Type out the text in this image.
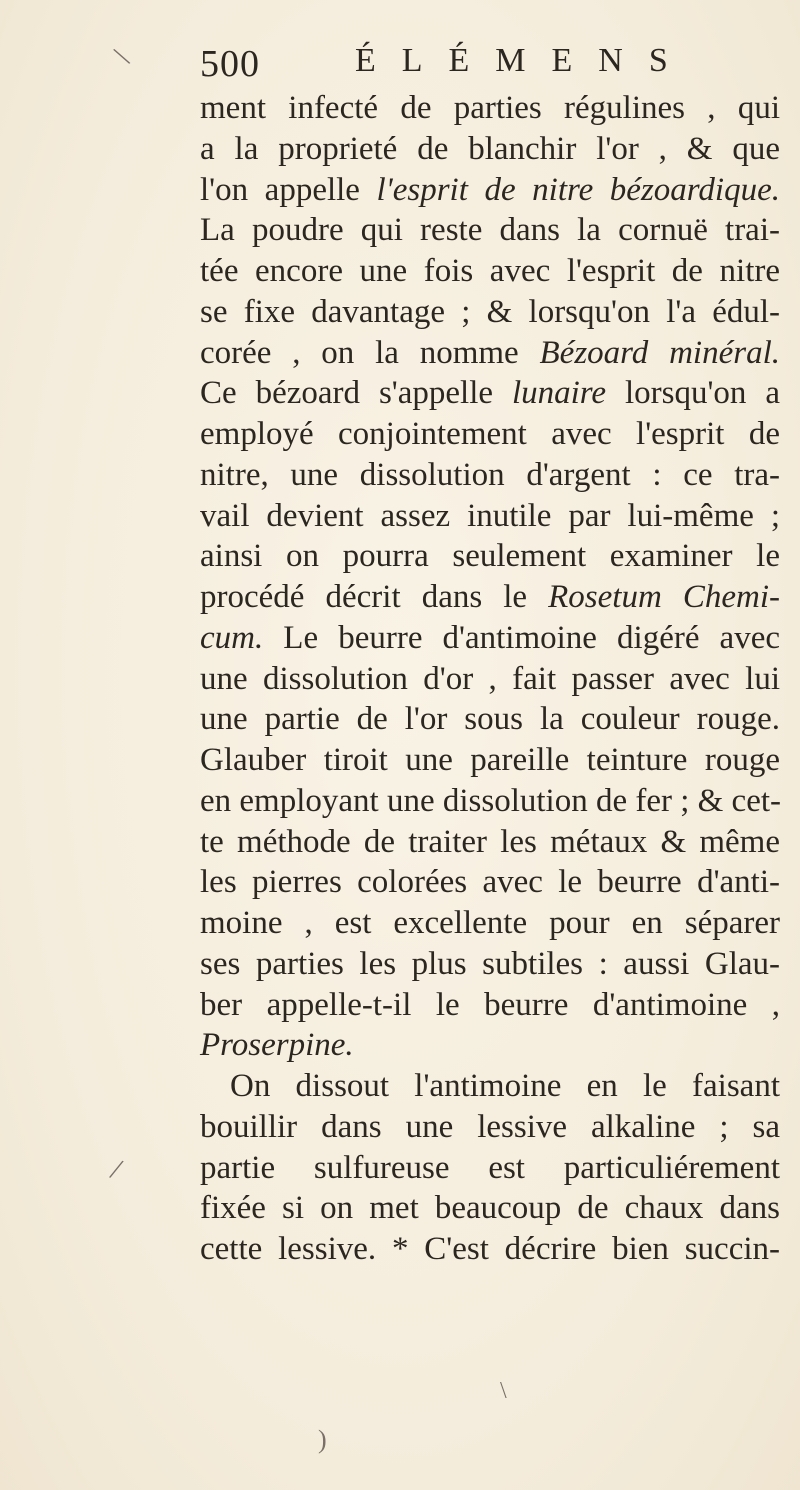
\
/
\
)
500	ÉLÉMENS
ment infecté de parties régulines , qui
a la proprieté de blanchir l'or , & que
l'on appelle l'esprit de nitre bézoardique.
La poudre qui reste dans la cornuë trai-
tée encore une fois avec l'esprit de nitre
se fixe davantage ; & lorsqu'on l'a édul-
corée , on la nomme Bézoard minéral.
Ce bézoard s'appelle lunaire lorsqu'on a
employé conjointement avec l'esprit de
nitre, une dissolution d'argent : ce tra-
vail devient assez inutile par lui-même ;
ainsi on pourra seulement examiner le
procédé décrit dans le Rosetum Chemi-
cum. Le beurre d'antimoine digéré avec
une dissolution d'or , fait passer avec lui
une partie de l'or sous la couleur rouge.
Glauber tiroit une pareille teinture rouge
en employant une dissolution de fer ; & cet-
te méthode de traiter les métaux & même
les pierres colorées avec le beurre d'anti-
moine , est excellente pour en séparer
ses parties les plus subtiles : aussi Glau-
ber appelle-t-il le beurre d'antimoine ,
Proserpine.
On dissout l'antimoine en le faisant
bouillir dans une lessive alkaline ; sa
partie sulfureuse est particuliérement
fixée si on met beaucoup de chaux dans
cette lessive. * C'est décrire bien succin-
